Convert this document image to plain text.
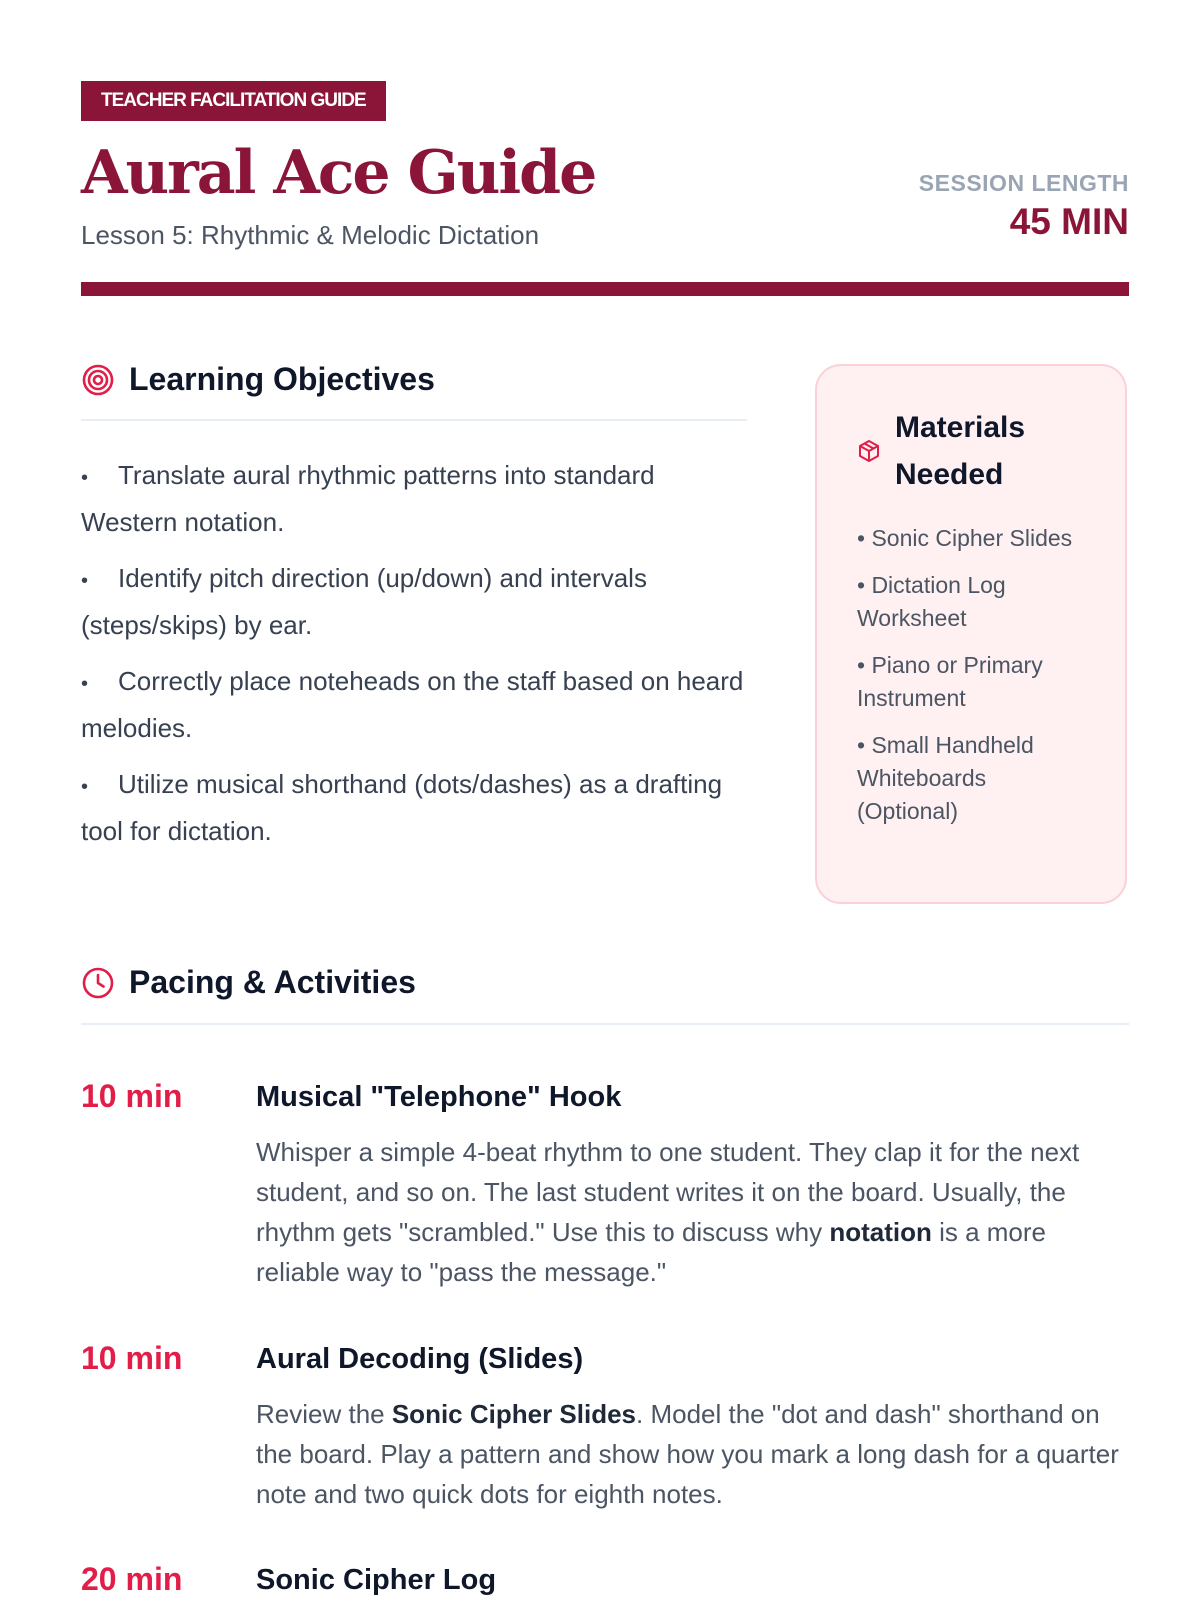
TEACHER FACILITATION GUIDE
Aural Ace Guide
Lesson 5: Rhythmic & Melodic Dictation
SESSION LENGTH
45 MIN
Learning Objectives
• Translate aural rhythmic patterns into standard Western notation.
• Identify pitch direction (up/down) and intervals (steps/skips) by ear.
• Correctly place noteheads on the staff based on heard melodies.
• Utilize musical shorthand (dots/dashes) as a drafting tool for dictation.
Materials Needed
• Sonic Cipher Slides
• Dictation Log Worksheet
• Piano or Primary Instrument
• Small Handheld Whiteboards (Optional)
Pacing & Activities
10 min	Musical "Telephone" Hook

Whisper a simple 4-beat rhythm to one student. They clap it for the next student, and so on. The last student writes it on the board. Usually, the rhythm gets "scrambled." Use this to discuss why notation is a more reliable way to "pass the message."

10 min	Aural Decoding (Slides)

Review the Sonic Cipher Slides. Model the "dot and dash" shorthand on the board. Play a pattern and show how you mark a long dash for a quarter note and two quick dots for eighth notes.

20 min	Sonic Cipher Log
